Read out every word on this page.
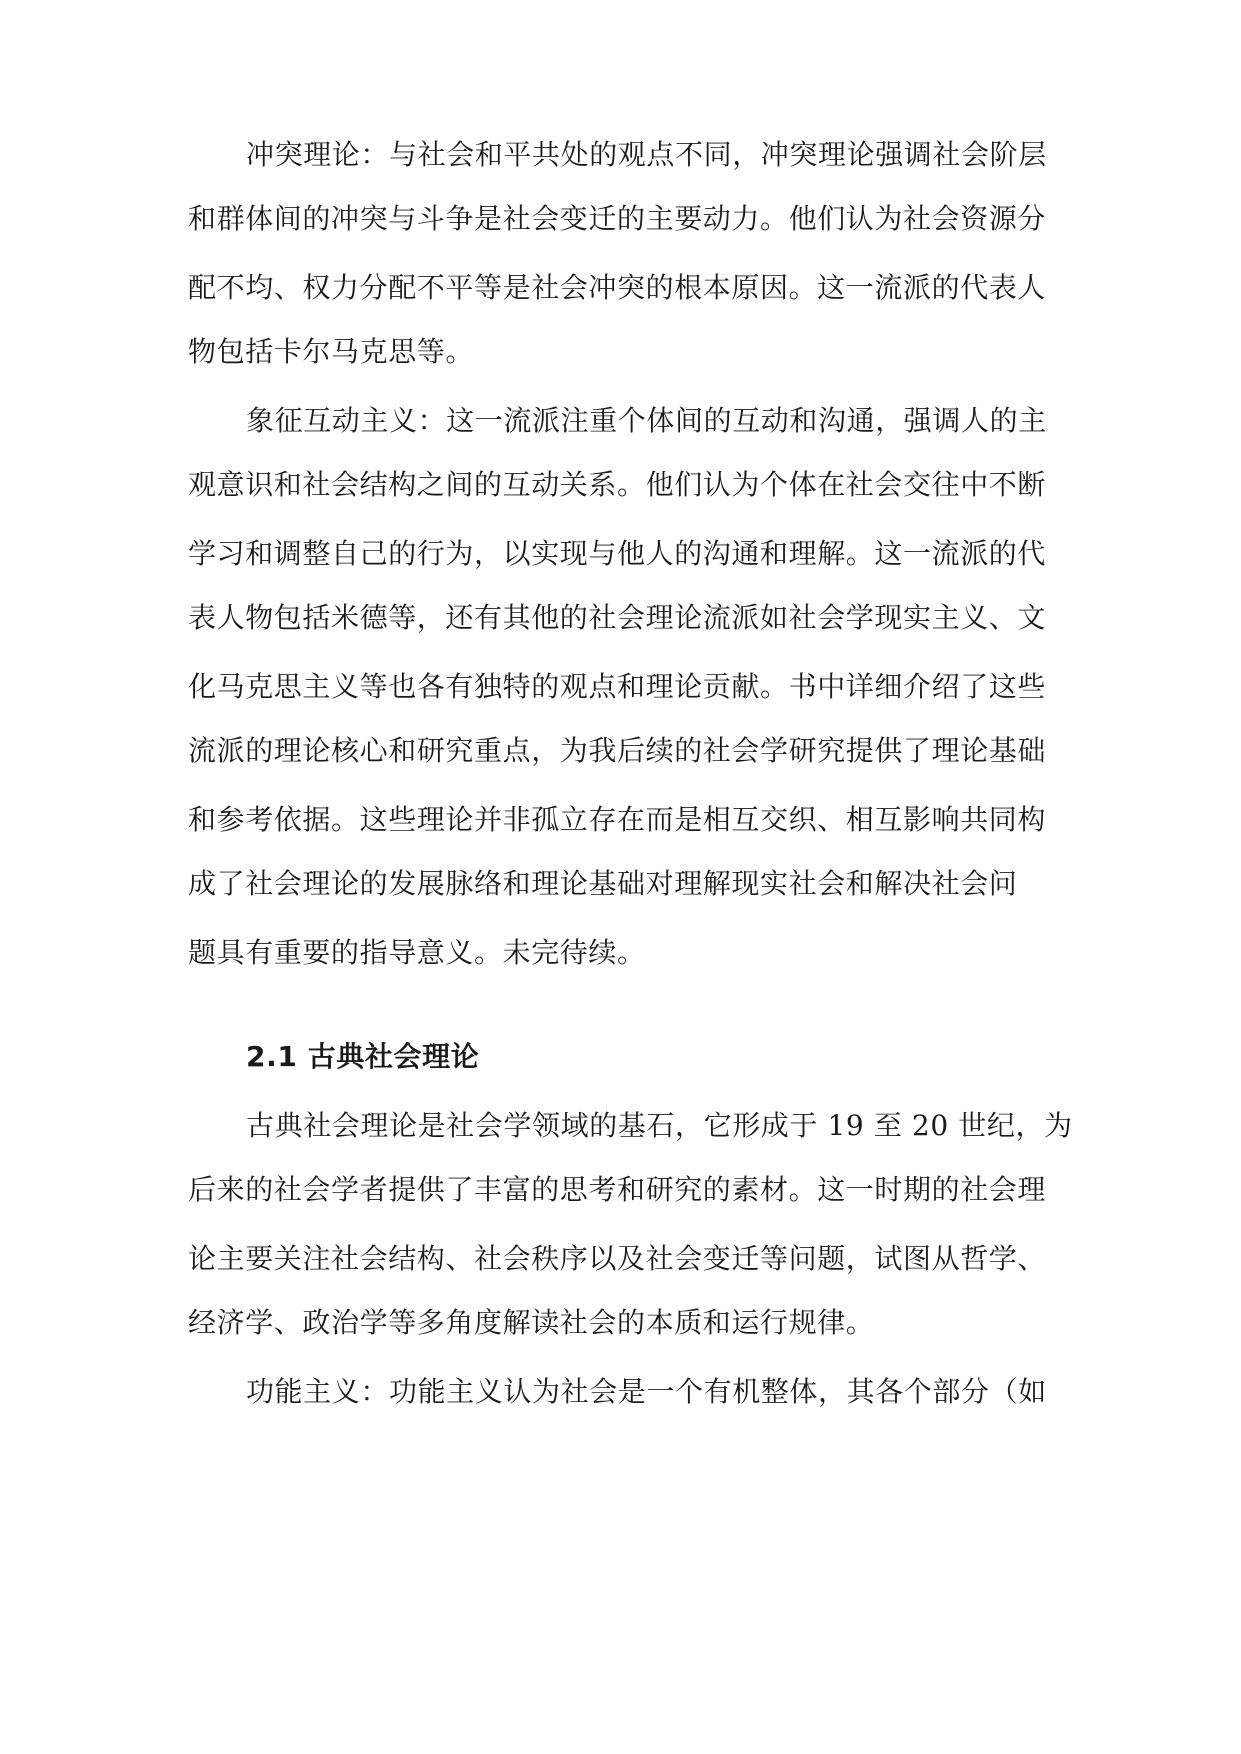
冲突理论：与社会和平共处的观点不同，冲突理论强调社会阶层

和群体间的冲突与斗争是社会变迁的主要动力。他们认为社会资源分

配不均、权力分配不平等是社会冲突的根本原因。这一流派的代表人

物包括卡尔马克思等。

象征互动主义：这一流派注重个体间的互动和沟通，强调人的主

观意识和社会结构之间的互动关系。他们认为个体在社会交往中不断

学习和调整自己的行为，以实现与他人的沟通和理解。这一流派的代

表人物包括米德等，还有其他的社会理论流派如社会学现实主义、文

化马克思主义等也各有独特的观点和理论贡献。书中详细介绍了这些

流派的理论核心和研究重点，为我后续的社会学研究提供了理论基础

和参考依据。这些理论并非孤立存在而是相互交织、相互影响共同构

成了社会理论的发展脉络和理论基础对理解现实社会和解决社会问

题具有重要的指导意义。未完待续。

2.1 古典社会理论

古典社会理论是社会学领域的基石，它形成于 19 至 20 世纪，为

后来的社会学者提供了丰富的思考和研究的素材。这一时期的社会理

论主要关注社会结构、社会秩序以及社会变迁等问题，试图从哲学、

经济学、政治学等多角度解读社会的本质和运行规律。

功能主义：功能主义认为社会是一个有机整体，其各个部分（如
